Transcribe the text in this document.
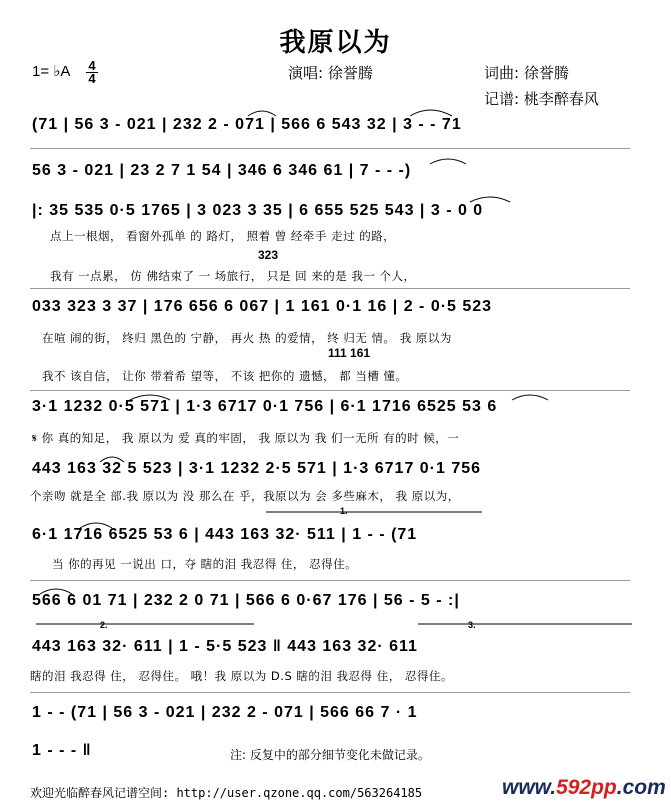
我原以为
1= ♭A $\frac{4}{4}$	演唱: 徐誉腾	词曲: 徐誉腾
记谱: 桃李醉春风
(71 | 56 3 - 021 | 232 2 - 071 | 566 6 543 32 | 3 - - 71
56 3 - 021 | 23 2 7 1 54 | 346 6 346 61 | 7 - - -)
|: 35 535 0·5 1765 | 3 023 3 35 | 6 655 525 543 | 3 - 0 0
点上一根烟， 看窗外孤单 的 路灯， 照着 曾 经牵手 走过 的路，
323
我有 一点累， 仿 佛结束了 一 场旅行， 只是 回 来的是 我一 个人，
033 323 3 37 | 176 656 6 067 | 1 161 0·1 16 | 2 - 0·5 523
在喧 闹的街， 终归 黑色的 宁静， 再火 热 的爱情， 终 归无 情。 我 原以为
111 161
我不 该自信， 让你 带着希 望等， 不该 把你的 遗憾， 都 当槽 懂。
3·1 1232 0·5 571 | 1·3 6717 0·1 756 | 6·1 1716 6525 53 6
𝄋 你 真的知足， 我 原以为 爱 真的牢固， 我 原以为 我 们一无所 有的时 候，一
443 163 32 5 523 | 3·1 1232 2·5 571 | 1·3 6717 0·1 756
个亲吻 就是全 部.我 原以为 没 那么在 乎，我原以为 会 多些麻木， 我 原以为，
1.
6·1 1716 6525 53 6 | 443 163 32· 511 | 1 - - (71
当 你的再见 一说出 口，夺 瞎的泪 我忍得 住， 忍得住。
566 6 01 71 | 232 2 0 71 | 566 6 0·67 176 | 56 - 5 - :|
2.	3.
443 163 32· 611 | 1 - 5·5 523 ‖ 443 163 32· 611
瞎的泪 我忍得 住， 忍得住。 哦！我 原以为 D.S 瞎的泪 我忍得 住， 忍得住。
1 - - (71 | 56 3 - 021 | 232 2 - 071 | 566 66 7 · 1
1 - - - ‖	注: 反复中的部分细节变化未做记录。
欢迎光临醉春风记谱空间: http://user.qzone.qq.com/563264185	www.592pp.com
